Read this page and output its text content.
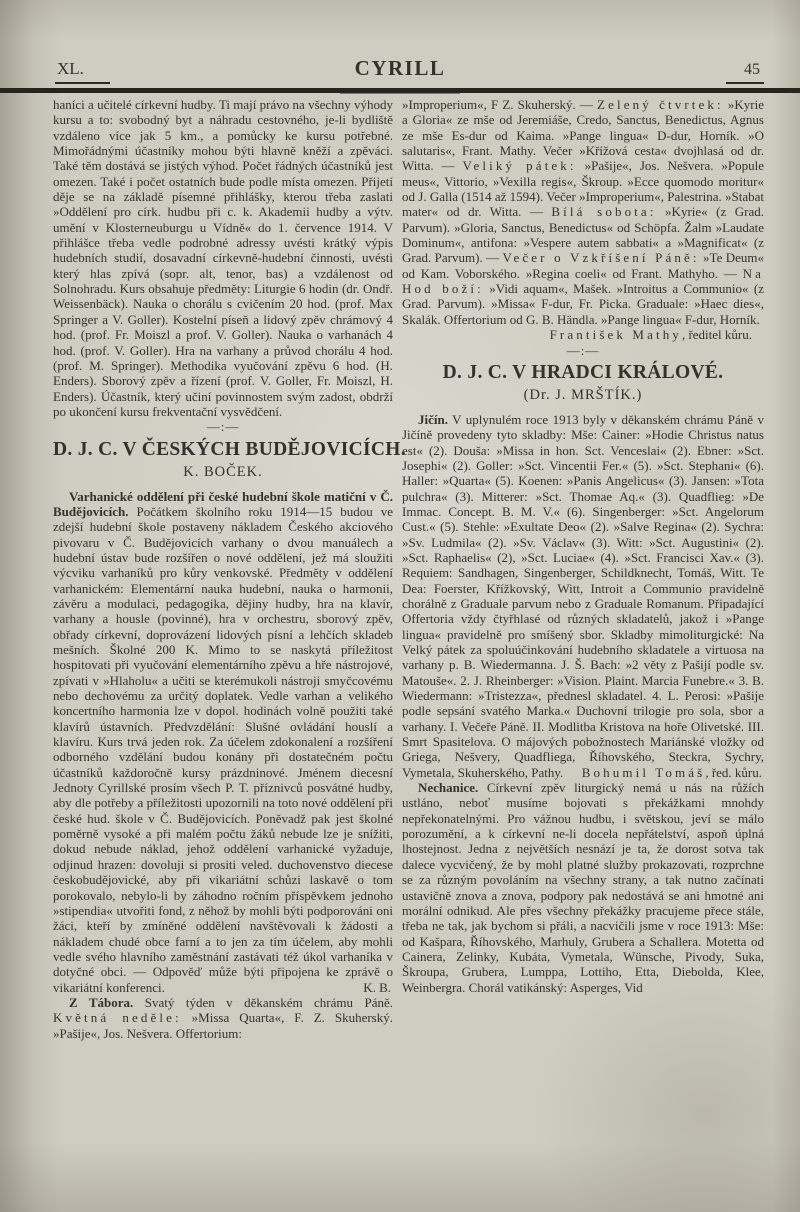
XL.	CYRILL	45

haníci a učitelé církevní hudby. Ti mají právo na všechny výhody kursu a to: svobodný byt a náhradu cestovného, je-li bydliště vzdáleno více jak 5 km., a pomůcky ke kursu potřebné. Mimořádnými účastníky mohou býti hlavně kněží a zpěváci. Také těm dostává se jistých výhod. Počet řádných účastníků jest omezen. Také i počet ostatních bude podle místa omezen. Přijetí děje se na základě písemné přihlášky, kterou třeba zaslati »Oddělení pro círk. hudbu při c. k. Akademii hudby a výtv. umění v Klosterneuburgu u Vídně« do 1. července 1914. V přihlášce třeba vedle podrobné adressy uvésti krátký výpis hudebních studií, dosavadní církevně-hudební činnosti, uvésti který hlas zpívá (sopr. alt, tenor, bas) a vzdálenost od Solnohradu. Kurs obsahuje předměty: Liturgie 6 hodin (dr. Ondř. Weissenbäck). Nauka o chorálu s cvičením 20 hod. (prof. Max Springer a V. Goller). Kostelní píseň a lidový zpěv chrámový 4 hod. (prof. Fr. Moiszl a prof. V. Goller). Nauka o varhanách 4 hod. (prof. V. Goller). Hra na varhany a průvod chorálu 4 hod. (prof. M. Springer). Methodika vyučování zpěvu 6 hod. (H. Enders). Sborový zpěv a řízení (prof. V. Goller, Fr. Moiszl, H. Enders). Účastník, který učiní povinnostem svým zadost, obdrží po ukončení kursu frekventační vysvědčení.

—:—

D. J. C. V ČESKÝCH BUDĚJOVICÍCH.
K. BOČEK.

Varhanické oddělení při české hudební škole matiční v Č. Budějovicích. Počátkem školního roku 1914—15 budou ve zdejší hudební škole postaveny nákladem Českého akciového pivovaru v Č. Budějovicích varhany o dvou manuálech a hudební ústav bude rozšířen o nové oddělení, jež má sloužiti výcviku varhaníků pro kůry venkovské. Předměty v oddělení varhanickém: Elementární nauka hudební, nauka o harmonii, závěru a modulaci, pedagogika, dějiny hudby, hra na klavír, varhany a housle (povinné), hra v orchestru, sborový zpěv, obřady církevní, doprovázení lidových písní a lehčích skladeb mešních. Školné 200 K. Mimo to se naskytá příležitost hospitovati při vyučování elementárního zpěvu a hře nástrojové, zpívati v »Hlaholu« a učiti se kterémukoli nástroji smyčcovému nebo dechovému za určitý doplatek. Vedle varhan a velikého koncertního harmonia lze v dopol. hodinách volně použiti také klavírů ústavních. Předvzdělání: Slušné ovládání houslí a klavíru. Kurs trvá jeden rok. Za účelem zdokonalení a rozšíření odborného vzdělání budou konány při dostatečném počtu účastníků každoročně kursy prázdninové. Jménem diecesní Jednoty Cyrillské prosím všech P. T. příznivců posvátné hudby, aby dle potřeby a příležitosti upozornili na toto nové oddělení při české hud. škole v Č. Budějovicích. Poněvadž pak jest školné poměrně vysoké a při malém počtu žáků nebude lze je snížiti, dokud nebude náklad, jehož oddělení varhanické vyžaduje, odjinud hrazen: dovoluji si prositi veled. duchovenstvo diecese českobudějovické, aby při vikariátní schůzi laskavě o tom porokovalo, nebylo-li by záhodno ročním příspěvkem jednoho »stipendia« utvořiti fond, z něhož by mohli býti podporováni oni žáci, kteří by zmíněné oddělení navštěvovali k žádosti a nákladem chudé obce farní a to jen za tím účelem, aby mohli vedle svého hlavního zaměstnání zastávati též úkol varhaníka v dotyčné obci. — Odpověď může býti připojena ke zprávě o vikariátní konferenci.	K. B.

Z Tábora. Svatý týden v děkanském chrámu Páně. Květná neděle: »Missa Quarta«, F. Z. Skuherský. »Pašije«, Jos. Nešvera. Offertorium:

»Improperium«, F Z. Skuherský. — Zelený čtvrtek: »Kyrie a Gloria« ze mše od Jeremiáše, Credo, Sanctus, Benedictus, Agnus ze mše Es-dur od Kaima. »Pange lingua« D-dur, Horník. »O salutaris«, Frant. Mathy. Večer »Křížová cesta« dvojhlasá od dr. Witta. — Veliký pátek: »Pašije«, Jos. Nešvera. »Popule meus«, Vittorio, »Vexilla regis«, Škroup. »Ecce quomodo moritur« od J. Galla (1514 až 1594). Večer »Improperium«, Palestrina. »Stabat mater« od dr. Witta. — Bílá sobota: »Kyrie« (z Grad. Parvum). »Gloria, Sanctus, Benedictus« od Schöpfa. Žalm »Laudate Dominum«, antifona: »Vespere autem sabbati« a »Magnificat« (z Grad. Parvum). — Večer o Vzkříšení Páně: »Te Deum« od Kam. Voborského. »Regina coeli« od Frant. Mathyho. — Na Hod boží: »Vidi aquam«, Mašek. »Introitus a Communio« (z Grad. Parvum). »Missa« F-dur, Fr. Picka. Graduale: »Haec dies«, Skalák. Offertorium od G. B. Händla. »Pange lingua« F-dur, Horník.

František Mathy, ředitel kůru.

—:—

D. J. C. V HRADCI KRÁLOVÉ.
(Dr. J. MRŠTÍK.)

Jičín. V uplynulém roce 1913 byly v děkanském chrámu Páně v Jičíně provedeny tyto skladby: Mše: Cainer: »Hodie Christus natus est« (2). Douša: »Missa in hon. Sct. Venceslai« (2). Ebner: »Sct. Josephi« (2). Goller: »Sct. Vincentii Fer.« (5). »Sct. Stephani« (6). Haller: »Quarta« (5). Koenen: »Panis Angelicus« (3). Jansen: »Tota pulchra« (3). Mitterer: »Sct. Thomae Aq.« (3). Quadflieg: »De Immac. Concept. B. M. V.« (6). Singenberger: »Sct. Angelorum Cust.« (5). Stehle: »Exultate Deo« (2). »Salve Regina« (2). Sychra: »Sv. Ludmila« (2). »Sv. Václav« (3). Witt: »Sct. Augustini« (2). »Sct. Raphaelis« (2), »Sct. Luciae« (4). »Sct. Francisci Xav.« (3). Requiem: Sandhagen, Singenberger, Schildknecht, Tomáš, Witt. Te Dea: Foerster, Křížkovský, Witt, Introit a Communio pravidelně chorálně z Graduale parvum nebo z Graduale Romanum. Připadající Offertoria vždy čtyřhlasé od různých skladatelů, jakož i »Pange lingua« pravidelně pro smíšený sbor. Skladby mimoliturgické: Na Velký pátek za spoluúčinkování hudebního skladatele a virtuosa na varhany p. B. Wiedermanna. J. Š. Bach: »2 věty z Pašijí podle sv. Matouše«. 2. J. Rheinberger: »Vision. Plaint. Marcia Funebre.« 3. B. Wiedermann: »Tristezza«, přednesl skladatel. 4. L. Perosi: »Pašije podle sepsání svatého Marka.« Duchovní trilogie pro sola, sbor a varhany. I. Večeře Páně. II. Modlitba Kristova na hoře Olivetské. III. Smrt Spasitelova. O májových pobožnostech Mariánské vložky od Griega, Nešvery, Quadfliega, Říhovského, Steckra, Sychry, Vymetala, Skuherského, Pathy.	Bohumil Tomáš, řed. kůru.

Nechanice. Církevní zpěv liturgický nemá u nás na růžích ustláno, neboť musíme bojovati s překážkami mnohdy nepřekonatelnými. Pro vážnou hudbu, i světskou, jeví se málo porozumění, a k církevní ne-li docela nepřátelství, aspoň úplná lhostejnost. Jedna z největších nesnází je ta, že dorost sotva tak dalece vycvičený, že by mohl platné služby prokazovati, rozprchne se za různým povoláním na všechny strany, a tak nutno začínati ustavičně znova a znova, podpory pak nedostává se ani hmotné ani morální odnikud. Ale přes všechny překážky pracujeme přece stále, třeba ne tak, jak bychom si přáli, a nacvičili jsme v roce 1913: Mše: od Kašpara, Říhovského, Marhuly, Grubera a Schallera. Motetta od Cainera, Zelinky, Kubáta, Vymetala, Wünsche, Pivody, Suka, Škroupa, Grubera, Lumppa, Lottiho, Etta, Diebolda, Klee, Weinbergra. Chorál vatikánský: Asperges, Vid
